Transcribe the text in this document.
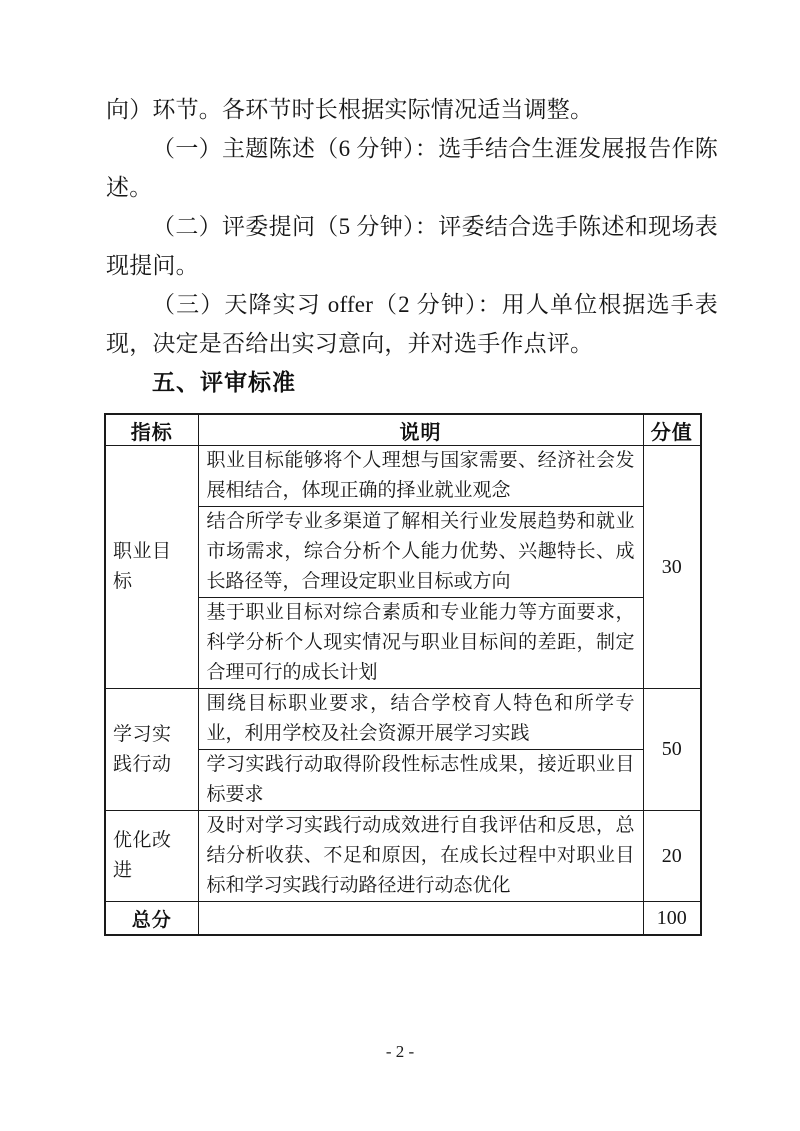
向）环节。各环节时长根据实际情况适当调整。

（一）主题陈述（6 分钟）：选手结合生涯发展报告作陈述。

（二）评委提问（5 分钟）：评委结合选手陈述和现场表现提问。

（三）天降实习 offer（2 分钟）：用人单位根据选手表现，决定是否给出实习意向，并对选手作点评。

五、评审标准
指标	说明	分值
职业目标	职业目标能够将个人理想与国家需要、经济社会发展相结合，体现正确的择业就业观念	30
	结合所学专业多渠道了解相关行业发展趋势和就业市场需求，综合分析个人能力优势、兴趣特长、成长路径等，合理设定职业目标或方向	
	基于职业目标对综合素质和专业能力等方面要求，科学分析个人现实情况与职业目标间的差距，制定合理可行的成长计划	
学习实践行动	围绕目标职业要求，结合学校育人特色和所学专业，利用学校及社会资源开展学习实践	50
	学习实践行动取得阶段性标志性成果，接近职业目标要求	
优化改进	及时对学习实践行动成效进行自我评估和反思，总结分析收获、不足和原因，在成长过程中对职业目标和学习实践行动路径进行动态优化	20
总分		100
- 2 -
